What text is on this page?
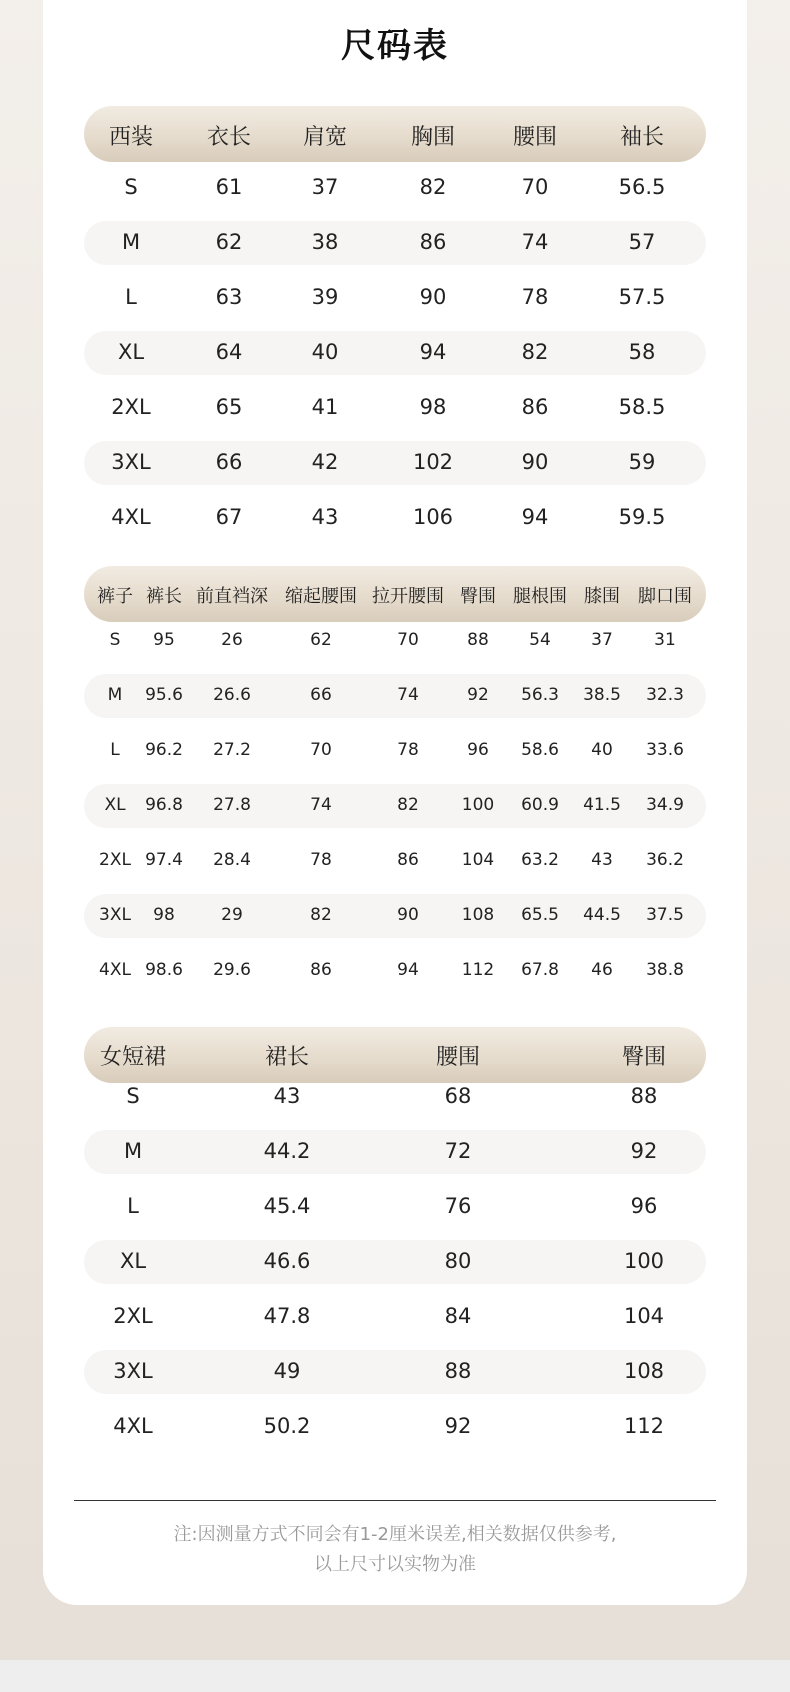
尺码表
西装 衣长 肩宽	胸围	腰围	袖长
S	61	37	82	70	56.5
M	62	38	86	74	57
L	63	39	90	78	57.5
XL	64	40	94	82	58
2XL	65	41	98	86	58.5
3XL	66	42	102	90	59
4XL	67	43	106	94	59.5
裤子 裤长 前直裆深 缩起腰围 拉开腰围 臀围 腿根围 膝围 脚口围
S 95	26	62	70	88 54 37 31
M 95.6 26.6	66	74	92 56.3 38.5 32.3
L 96.2 27.2	70	78	96 58.6 40 33.6
XL 96.8 27.8	74	82	100 60.9 41.5 34.9
2XL 97.4 28.4	78	86	104 63.2 43 36.2
3XL 98	29	82	90	108 65.5 44.5 37.5
4XL 98.6 29.6	86	94	112 67.8 46 38.8
女短裙	裙长	腰围	臀围
S	43	68	88
M	44.2	72	92
L	45.4	76	96
XL	46.6	80	100
2XL	47.8	84	104
3XL	49	88	108
4XL	50.2	92	112
注:因测量方式不同会有1-2厘米误差,相关数据仅供参考,
以上尺寸以实物为准
